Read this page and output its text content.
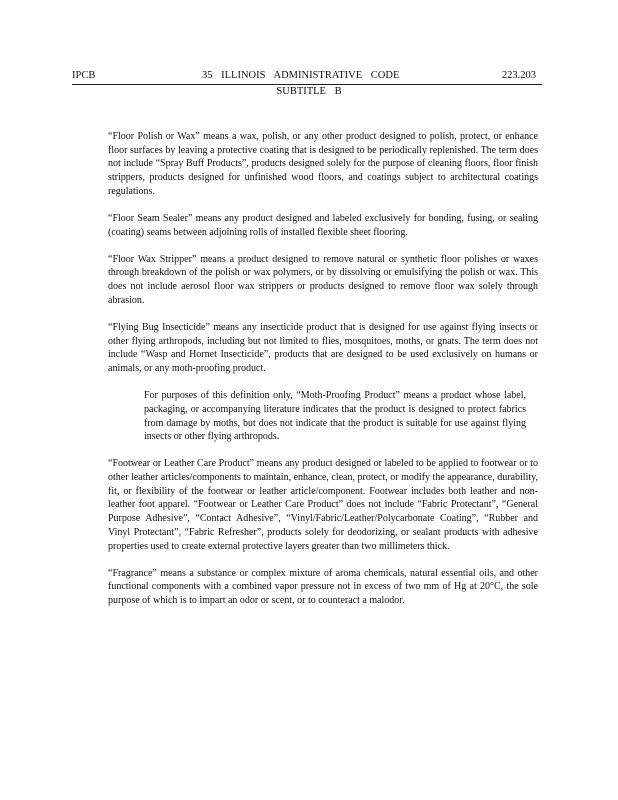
IPCB	35 ILLINOIS ADMINISTRATIVE CODE	223.203
SUBTITLE B

“Floor Polish or Wax” means a wax, polish, or any other product designed to polish, protect, or enhance floor surfaces by leaving a protective coating that is designed to be periodically replenished. The term does not include “Spray Buff Products”, products designed solely for the purpose of cleaning floors, floor finish strippers, products designed for unfinished wood floors, and coatings subject to architectural coatings regulations.

“Floor Seam Sealer” means any product designed and labeled exclusively for bonding, fusing, or sealing (coating) seams between adjoining rolls of installed flexible sheet flooring.

“Floor Wax Stripper” means a product designed to remove natural or synthetic floor polishes or waxes through breakdown of the polish or wax polymers, or by dissolving or emulsifying the polish or wax. This does not include aerosol floor wax strippers or products designed to remove floor wax solely through abrasion.

“Flying Bug Insecticide” means any insecticide product that is designed for use against flying insects or other flying arthropods, including but not limited to flies, mosquitoes, moths, or gnats. The term does not include “Wasp and Hornet Insecticide”, products that are designed to be used exclusively on humans or animals, or any moth-proofing product.

For purposes of this definition only, “Moth-Proofing Product” means a product whose label, packaging, or accompanying literature indicates that the product is designed to protect fabrics from damage by moths, but does not indicate that the product is suitable for use against flying insects or other flying arthropods.

“Footwear or Leather Care Product” means any product designed or labeled to be applied to footwear or to other leather articles/components to maintain, enhance, clean, protect, or modify the appearance, durability, fit, or flexibility of the footwear or leather article/component. Footwear includes both leather and non-leather foot apparel. “Footwear or Leather Care Product” does not include “Fabric Protectant”, “General Purpose Adhesive”, “Contact Adhesive”, “Vinyl/Fabric/Leather/Polycarbonate Coating”, “Rubber and Vinyl Protectant”, “Fabric Refresher”, products solely for deodorizing, or sealant products with adhesive properties used to create external protective layers greater than two millimeters thick.

“Fragrance” means a substance or complex mixture of aroma chemicals, natural essential oils, and other functional components with a combined vapor pressure not in excess of two mm of Hg at 20°C, the sole purpose of which is to impart an odor or scent, or to counteract a malodor.
